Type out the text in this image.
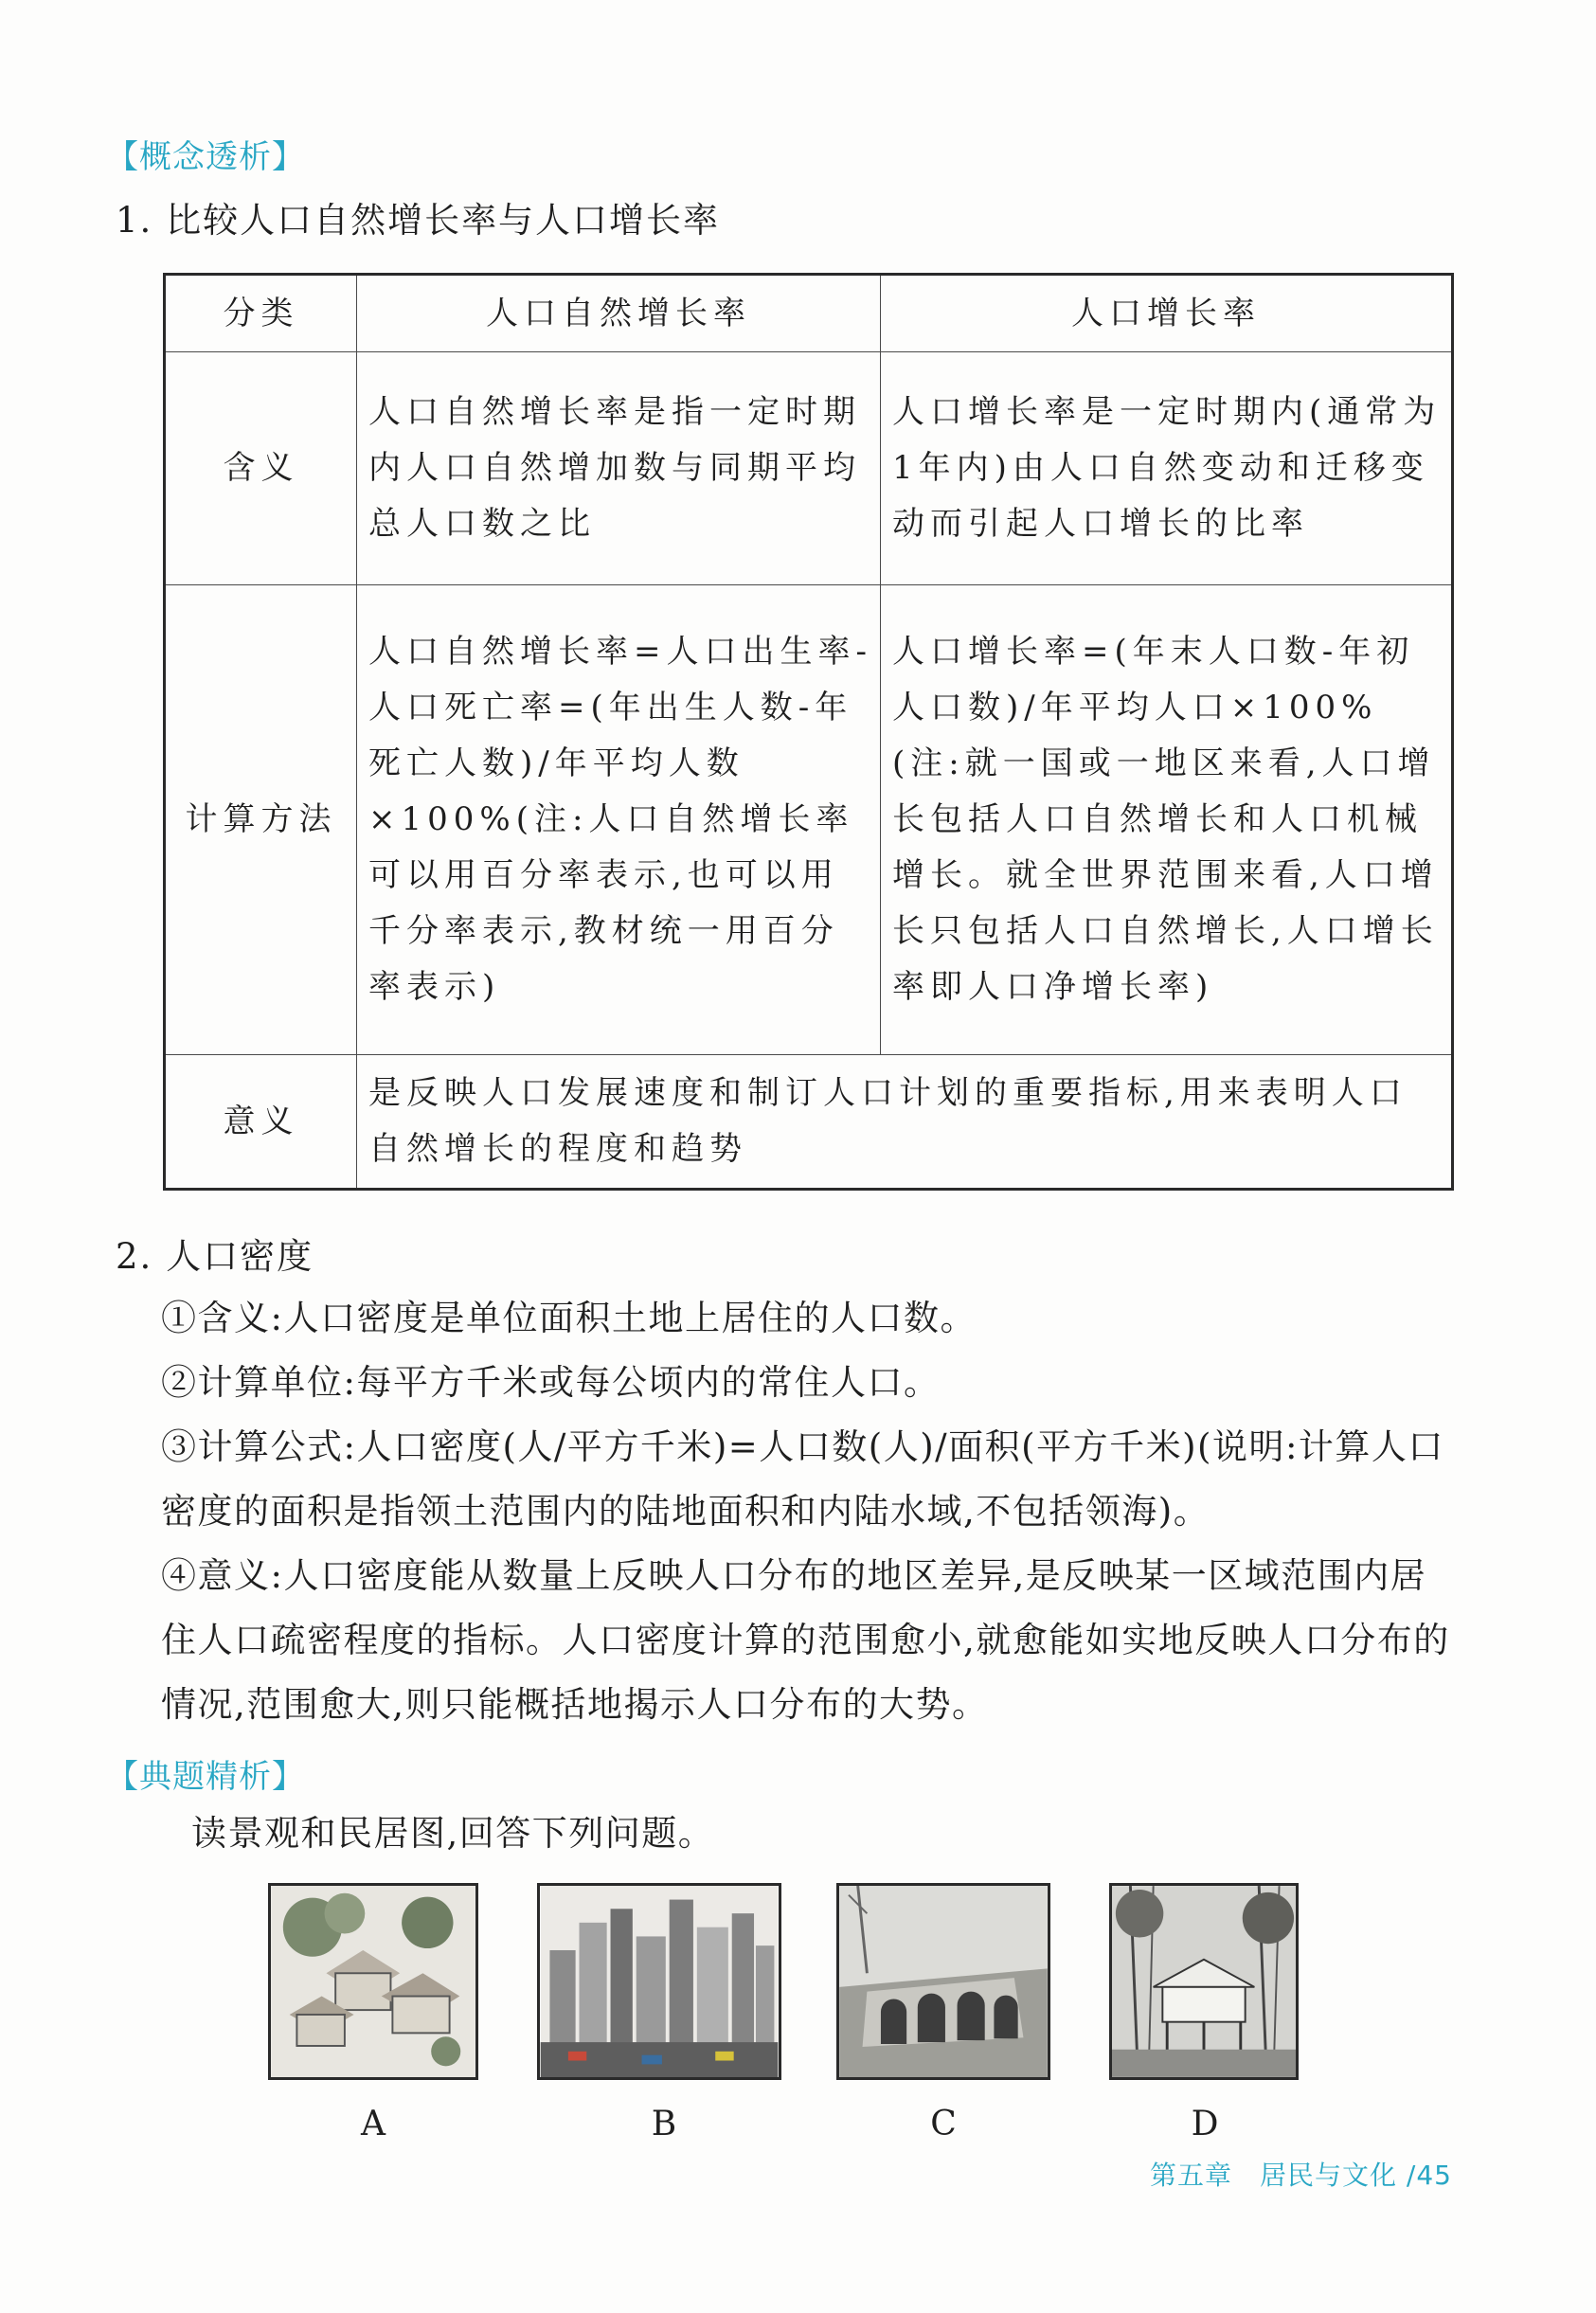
【概念透析】
1. 比较人口自然增长率与人口增长率
分类	人口自然增长率	人口增长率
含义	人口自然增长率是指一定时期内人口自然增加数与同期平均总人口数之比	人口增长率是一定时期内(通常为1年内)由人口自然变动和迁移变动而引起人口增长的比率
计算方法	人口自然增长率=人口出生率-人口死亡率=(年出生人数-年死亡人数)/年平均人数×100%(注:人口自然增长率可以用百分率表示,也可以用千分率表示,教材统一用百分率表示)	人口增长率=(年末人口数-年初人口数)/年平均人口×100%(注:就一国或一地区来看,人口增长包括人口自然增长和人口机械增长。就全世界范围来看,人口增长只包括人口自然增长,人口增长率即人口净增长率)
意义	是反映人口发展速度和制订人口计划的重要指标,用来表明人口自然增长的程度和趋势	
2. 人口密度

①含义:人口密度是单位面积土地上居住的人口数。

②计算单位:每平方千米或每公顷内的常住人口。

③计算公式:人口密度(人/平方千米)=人口数(人)/面积(平方千米)(说明:计算人口密度的面积是指领土范围内的陆地面积和内陆水域,不包括领海)。

④意义:人口密度能从数量上反映人口分布的地区差异,是反映某一区域范围内居住人口疏密程度的指标。人口密度计算的范围愈小,就愈能如实地反映人口分布的情况,范围愈大,则只能概括地揭示人口分布的大势。

【典题精析】
读景观和民居图,回答下列问题。
A	B	C	D
第五章　居民与文化 /45
